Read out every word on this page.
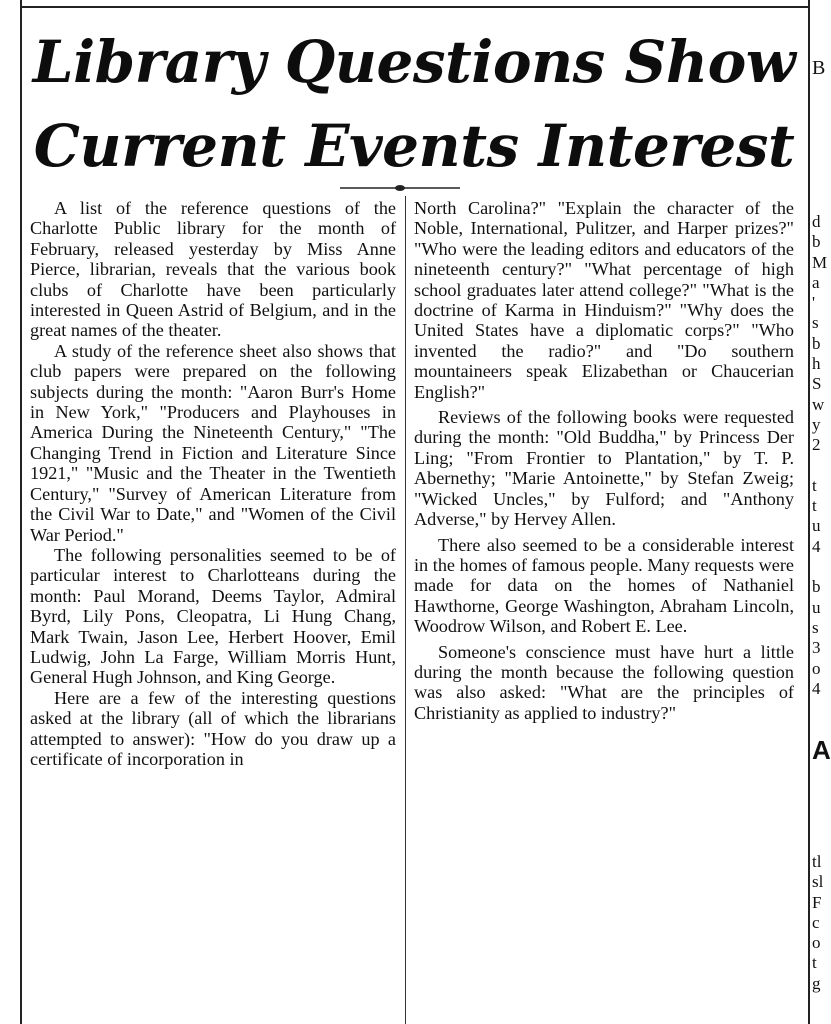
Library Questions Show
Current Events Interest

A list of the reference questions of the Charlotte Public library for the month of February, released yesterday by Miss Anne Pierce, librarian, reveals that the various book clubs of Charlotte have been particularly interested in Queen Astrid of Belgium, and in the great names of the theater.

A study of the reference sheet also shows that club papers were prepared on the following subjects during the month: "Aaron Burr's Home in New York," "Producers and Playhouses in America During the Nineteenth Century," "The Changing Trend in Fiction and Literature Since 1921," "Music and the Theater in the Twentieth Century," "Survey of American Literature from the Civil War to Date," and "Women of the Civil War Period."

The following personalities seemed to be of particular interest to Charlotteans during the month: Paul Morand, Deems Taylor, Admiral Byrd, Lily Pons, Cleopatra, Li Hung Chang, Mark Twain, Jason Lee, Herbert Hoover, Emil Ludwig, John La Farge, William Morris Hunt, General Hugh Johnson, and King George.

Here are a few of the interesting questions asked at the library (all of which the librarians attempted to answer): "How do you draw up a certificate of incorporation in

North Carolina?" "Explain the character of the Noble, International, Pulitzer, and Harper prizes?" "Who were the leading editors and educators of the nineteenth century?" "What percentage of high school graduates later attend college?" "What is the doctrine of Karma in Hinduism?" "Why does the United States have a diplomatic corps?" "Who invented the radio?" and "Do southern mountaineers speak Elizabethan or Chaucerian English?"

Reviews of the following books were requested during the month: "Old Buddha," by Princess Der Ling; "From Frontier to Plantation," by T. P. Abernethy; "Marie Antoinette," by Stefan Zweig; "Wicked Uncles," by Fulford; and "Anthony Adverse," by Hervey Allen.

There also seemed to be a considerable interest in the homes of famous people. Many requests were made for data on the homes of Nathaniel Hawthorne, George Washington, Abraham Lincoln, Woodrow Wilson, and Robert E. Lee.

Someone's conscience must have hurt a little during the month because the following question was also asked: "What are the principles of Christianity as applied to industry?"

B
d
b
M
a
'
s
b
h
S
w
y
2

t
t
u
4

b
u
s
3
o
4
A
tl
sl
F
c
o
t
g
